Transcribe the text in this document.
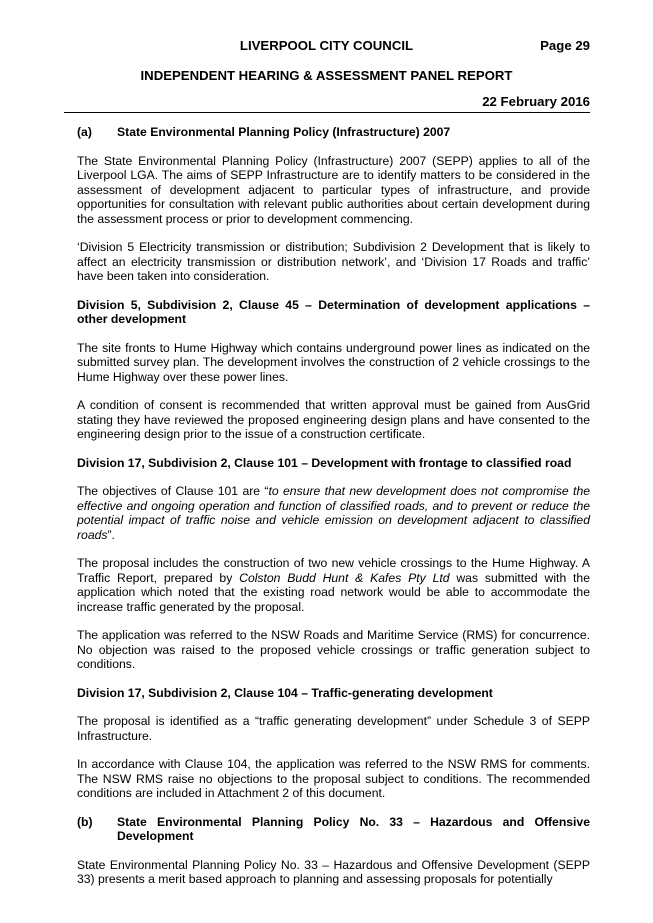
LIVERPOOL CITY COUNCIL	Page 29
INDEPENDENT HEARING & ASSESSMENT PANEL REPORT
22 February 2016
(a)	State Environmental Planning Policy (Infrastructure) 2007

The State Environmental Planning Policy (Infrastructure) 2007 (SEPP) applies to all of the Liverpool LGA. The aims of SEPP Infrastructure are to identify matters to be considered in the assessment of development adjacent to particular types of infrastructure, and provide opportunities for consultation with relevant public authorities about certain development during the assessment process or prior to development commencing.

‘Division 5 Electricity transmission or distribution; Subdivision 2 Development that is likely to affect an electricity transmission or distribution network’, and ‘Division 17 Roads and traffic’ have been taken into consideration.

Division 5, Subdivision 2, Clause 45 – Determination of development applications – other development

The site fronts to Hume Highway which contains underground power lines as indicated on the submitted survey plan. The development involves the construction of 2 vehicle crossings to the Hume Highway over these power lines.

A condition of consent is recommended that written approval must be gained from AusGrid stating they have reviewed the proposed engineering design plans and have consented to the engineering design prior to the issue of a construction certificate.

Division 17, Subdivision 2, Clause 101 – Development with frontage to classified road

The objectives of Clause 101 are “to ensure that new development does not compromise the effective and ongoing operation and function of classified roads, and to prevent or reduce the potential impact of traffic noise and vehicle emission on development adjacent to classified roads”.

The proposal includes the construction of two new vehicle crossings to the Hume Highway. A Traffic Report, prepared by Colston Budd Hunt & Kafes Pty Ltd was submitted with the application which noted that the existing road network would be able to accommodate the increase traffic generated by the proposal.

The application was referred to the NSW Roads and Maritime Service (RMS) for concurrence. No objection was raised to the proposed vehicle crossings or traffic generation subject to conditions.

Division 17, Subdivision 2, Clause 104 – Traffic-generating development

The proposal is identified as a “traffic generating development” under Schedule 3 of SEPP Infrastructure.

In accordance with Clause 104, the application was referred to the NSW RMS for comments. The NSW RMS raise no objections to the proposal subject to conditions. The recommended conditions are included in Attachment 2 of this document.

(b)	State Environmental Planning Policy No. 33 – Hazardous and Offensive Development

State Environmental Planning Policy No. 33 – Hazardous and Offensive Development (SEPP 33) presents a merit based approach to planning and assessing proposals for potentially
